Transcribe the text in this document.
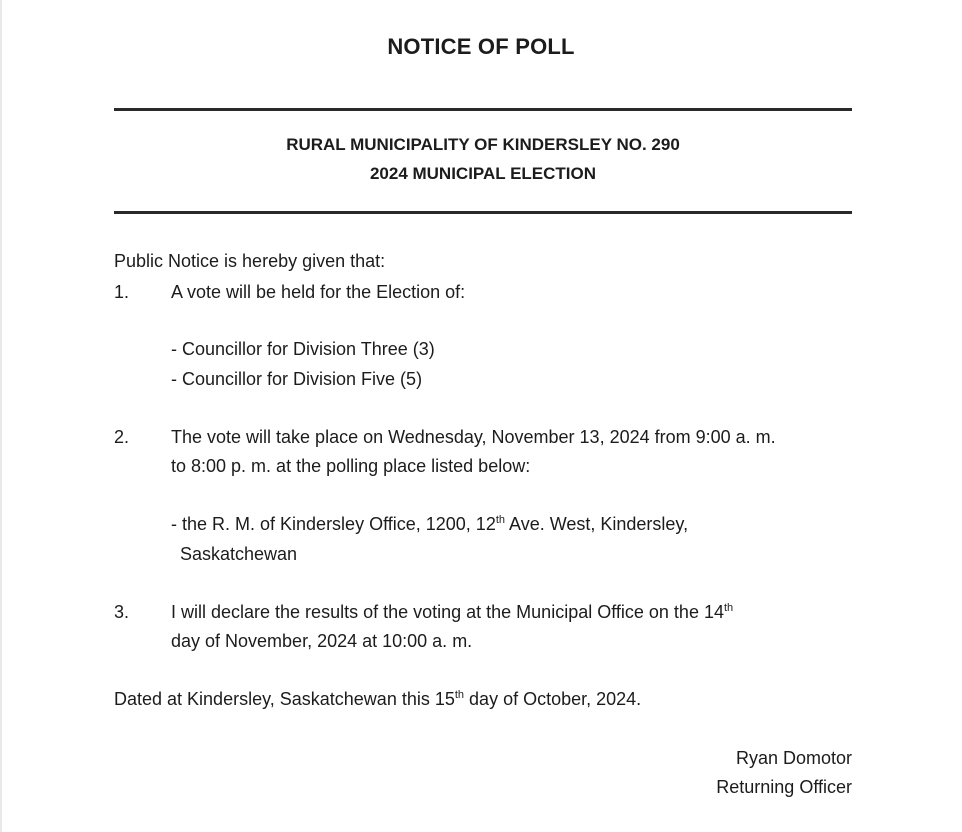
NOTICE OF POLL
RURAL MUNICIPALITY OF KINDERSLEY NO. 290
2024 MUNICIPAL ELECTION
Public Notice is hereby given that:
1. A vote will be held for the Election of:
- Councillor for Division Three (3)
- Councillor for Division Five (5)
2. The vote will take place on Wednesday, November 13, 2024 from 9:00 a. m.
to 8:00 p. m. at the polling place listed below:
- the R. M. of Kindersley Office, 1200, 12th Ave. West, Kindersley,
Saskatchewan
3. I will declare the results of the voting at the Municipal Office on the 14th
day of November, 2024 at 10:00 a. m.
Dated at Kindersley, Saskatchewan this 15th day of October, 2024.
Ryan Domotor
Returning Officer
